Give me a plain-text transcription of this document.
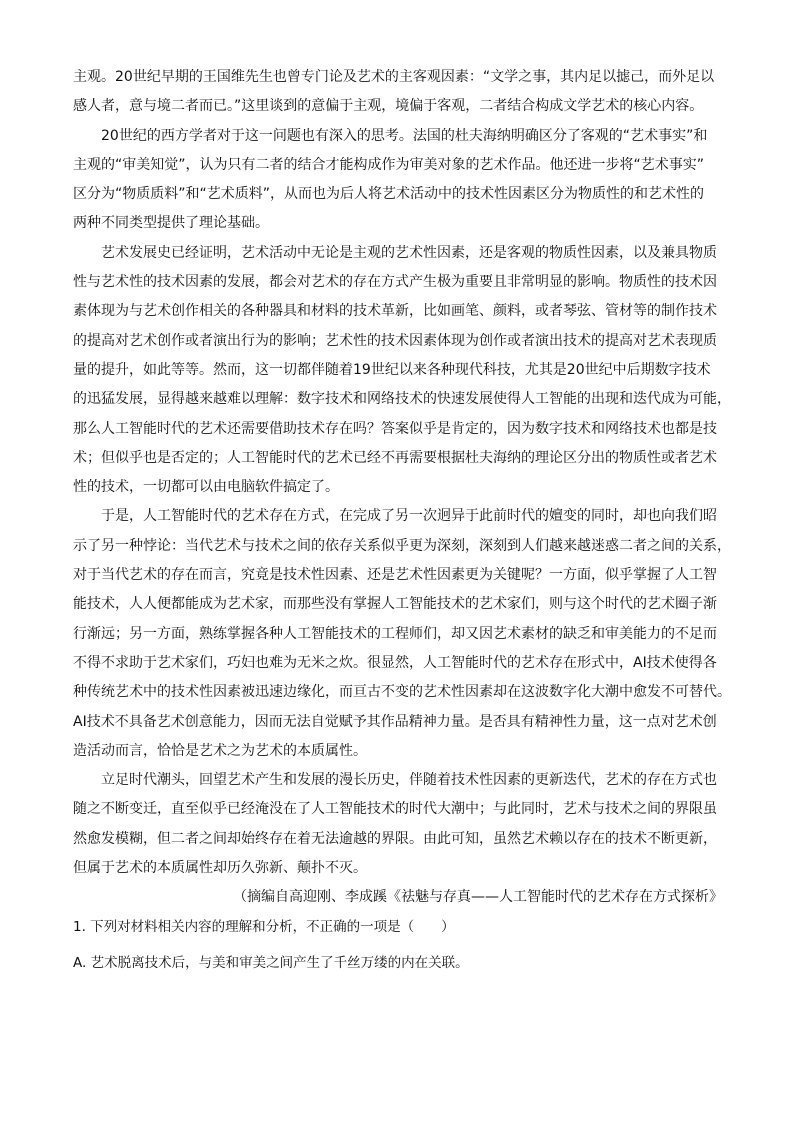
主观。20世纪早期的王国维先生也曾专门论及艺术的主客观因素：“文学之事，其内足以摅己，而外足以
感人者，意与境二者而已。”这里谈到的意偏于主观，境偏于客观，二者结合构成文学艺术的核心内容。
20世纪的西方学者对于这一问题也有深入的思考。法国的杜夫海纳明确区分了客观的“艺术事实”和
主观的“审美知觉”，认为只有二者的结合才能构成作为审美对象的艺术作品。他还进一步将“艺术事实”
区分为“物质质料”和“艺术质料”，从而也为后人将艺术活动中的技术性因素区分为物质性的和艺术性的
两种不同类型提供了理论基础。
艺术发展史已经证明，艺术活动中无论是主观的艺术性因素，还是客观的物质性因素，以及兼具物质
性与艺术性的技术因素的发展，都会对艺术的存在方式产生极为重要且非常明显的影响。物质性的技术因
素体现为与艺术创作相关的各种器具和材料的技术革新，比如画笔、颜料，或者琴弦、管材等的制作技术
的提高对艺术创作或者演出行为的影响；艺术性的技术因素体现为创作或者演出技术的提高对艺术表现质
量的提升，如此等等。然而，这一切都伴随着19世纪以来各种现代科技，尤其是20世纪中后期数字技术
的迅猛发展，显得越来越难以理解：数字技术和网络技术的快速发展使得人工智能的出现和迭代成为可能，
那么人工智能时代的艺术还需要借助技术存在吗？答案似乎是肯定的，因为数字技术和网络技术也都是技
术；但似乎也是否定的；人工智能时代的艺术已经不再需要根据杜夫海纳的理论区分出的物质性或者艺术
性的技术，一切都可以由电脑软件搞定了。
于是，人工智能时代的艺术存在方式，在完成了另一次迥异于此前时代的嬗变的同时，却也向我们昭
示了另一种悖论：当代艺术与技术之间的依存关系似乎更为深刻，深刻到人们越来越迷惑二者之间的关系，
对于当代艺术的存在而言，究竟是技术性因素、还是艺术性因素更为关键呢？一方面，似乎掌握了人工智
能技术，人人便都能成为艺术家，而那些没有掌握人工智能技术的艺术家们，则与这个时代的艺术圈子渐
行渐远；另一方面，熟练掌握各种人工智能技术的工程师们，却又因艺术素材的缺乏和审美能力的不足而
不得不求助于艺术家们，巧妇也难为无米之炊。很显然，人工智能时代的艺术存在形式中，AI技术使得各
种传统艺术中的技术性因素被迅速边缘化，而亘古不变的艺术性因素却在这波数字化大潮中愈发不可替代。
AI技术不具备艺术创意能力，因而无法自觉赋予其作品精神力量。是否具有精神性力量，这一点对艺术创
造活动而言，恰恰是艺术之为艺术的本质属性。
立足时代潮头，回望艺术产生和发展的漫长历史，伴随着技术性因素的更新迭代，艺术的存在方式也
随之不断变迁，直至似乎已经淹没在了人工智能技术的时代大潮中；与此同时，艺术与技术之间的界限虽
然愈发模糊，但二者之间却始终存在着无法逾越的界限。由此可知，虽然艺术赖以存在的技术不断更新，
但属于艺术的本质属性却历久弥新、颠扑不灭。
（摘编自高迎刚、李成蹊《祛魅与存真——人工智能时代的艺术存在方式探析》
1. 下列对材料相关内容的理解和分析，不正确的一项是（　　）
A. 艺术脱离技术后，与美和审美之间产生了千丝万缕的内在关联。
